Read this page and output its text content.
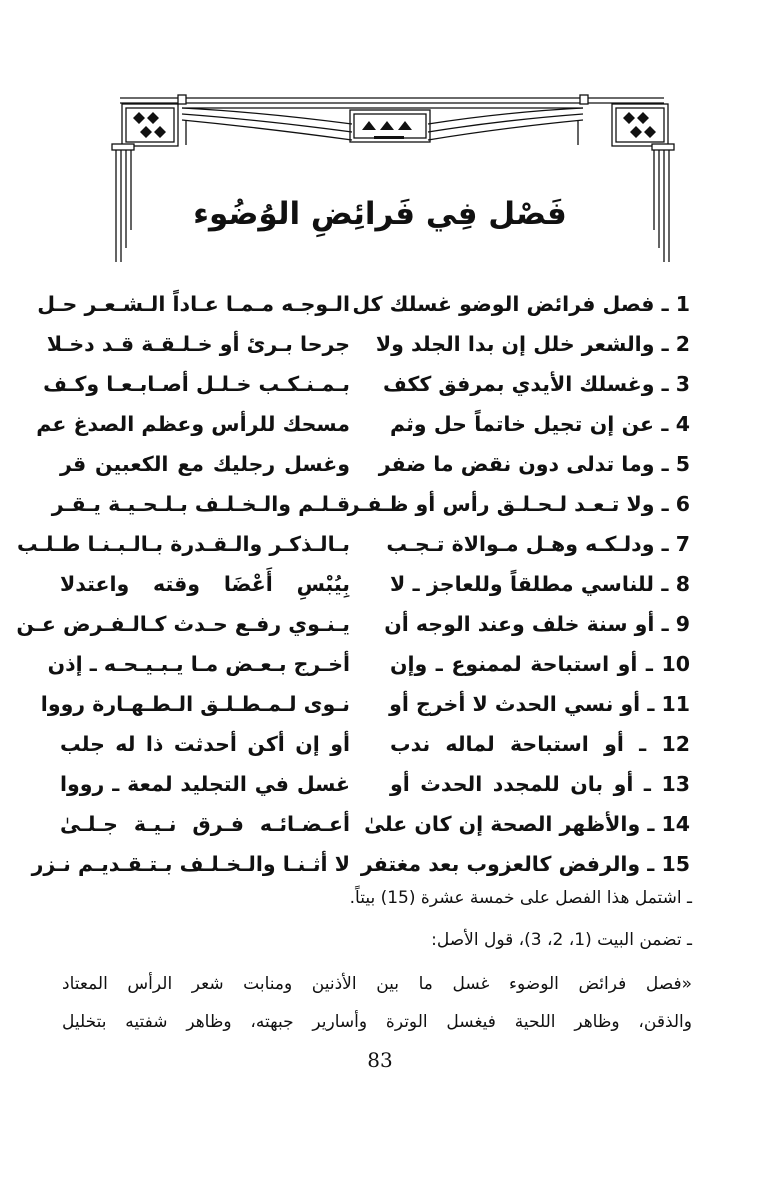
فَصْل فِي فَرائِضِ الوُضُوء
1 ـ فصل فرائض الوضو غسلك كل
الـوجـه مـمـا عـاداً الـشـعـر حـل
2 ـ والشعر خلل إن بدا الجلد ولا
جرحا بـرئ أو خـلـقـة قـد دخـلا
3 ـ وغسلك الأيدي بمرفق ككف
بـمـنـكـب خـلـل أصـابـعـا وكـف
4 ـ عن إن تجيل خاتماً حل وثم
مسحك للرأس وعظم الصدغ عم
5 ـ وما تدلى دون نقض ما ضفر
وغسل رجليك مع الكعبين قر
6 ـ ولا تـعـد لـحـلـق رأس أو ظـفـر
قـلـم والـخـلـف بـلـحـيـة يـقـر
7 ـ ودلـكـه وهـل مـوالاة تـجـب
بـالـذكـر والـقـدرة بـالـبـنـا طـلـب
8 ـ للناسي مطلقاً وللعاجز ـ لا
بِيُبْسِ أَعْضَا وقته واعتدلا
9 ـ أو سنة خلف وعند الوجه أن
يـنـوي رفـع حـدث كـالـفـرض عـن
10 ـ أو استباحة لممنوع ـ وإن
أخـرج بـعـض مـا يـبـيـحـه ـ إذن
11 ـ أو نسي الحدث لا أخرج أو
نـوى لـمـطـلـق الـطـهـارة رووا
12 ـ أو استباحة لماله ندب
أو إن أكن أحدثت ذا له جلب
13 ـ أو بان للمجدد الحدث أو
غسل في التجليد لمعة ـ رووا
14 ـ والأظهر الصحة إن كان علىٰ
أعـضـائـه فـرق نـيـة جـلـىٰ
15 ـ والرفض كالعزوب بعد مغتفر
لا أثـنـا والـخـلـف بـتـقـديـم نـزر
ـ اشتمل هذا الفصل على خمسة عشرة (15) بيتاً.
ـ تضمن البيت (1، 2، 3)، قول الأصل:
«فصل فرائض الوضوء غسل ما بين الأذنين ومنابت شعر الرأس المعتاد
والذقن، وظاهر اللحية فيغسل الوترة وأسارير جبهته، وظاهر شفتيه بتخليل
83
